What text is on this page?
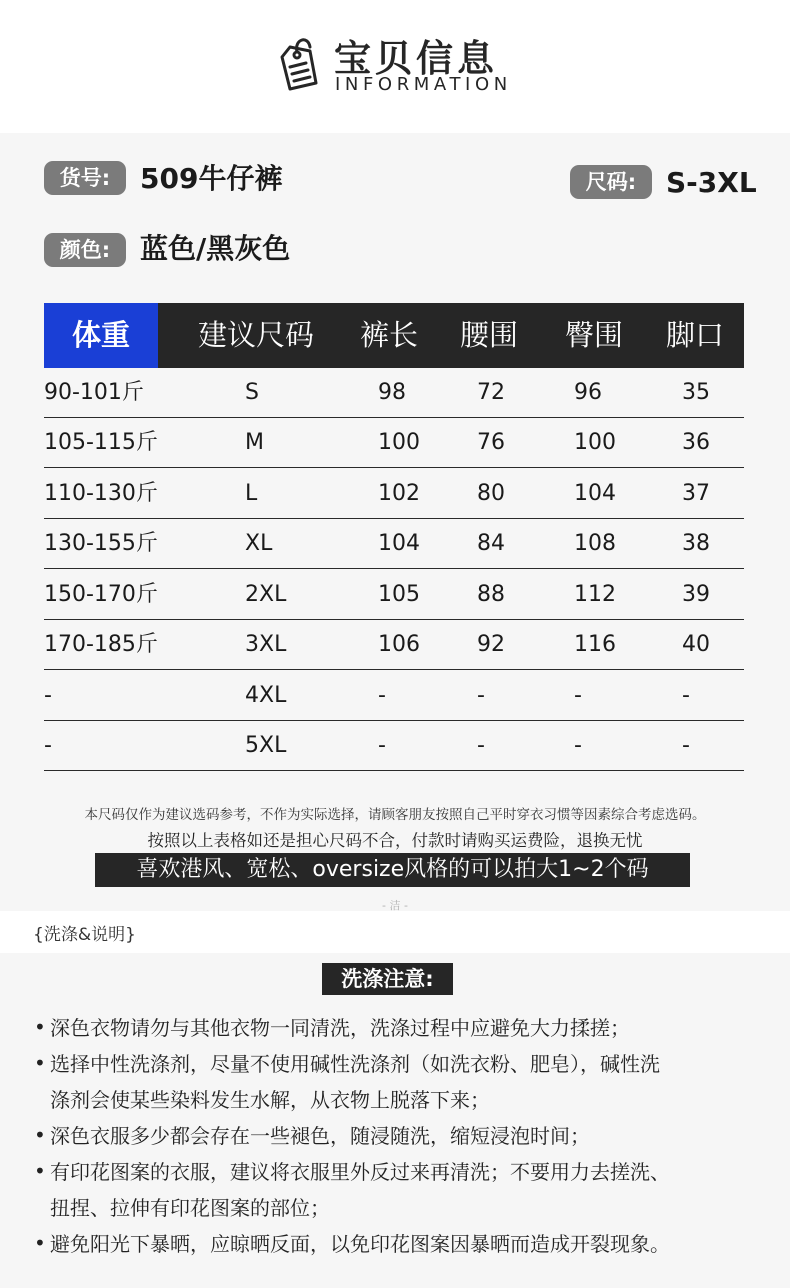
宝贝信息
INFORMATION
货号:	509牛仔裤	尺码:	S-3XL
颜色:	蓝色/黑灰色
体重	建议尺码 裤长 腰围 臀围 脚口
90-101斤	S	98	72	96	35
105-115斤	M	100	76	100	36
110-130斤	L	102	80	104	37
130-155斤	XL	104	84	108	38
150-170斤	2XL	105	88	112	39
170-185斤	3XL	106	92	116	40
-	4XL	-	-	-	-
-	5XL	-	-	-	-
本尺码仅作为建议选码参考，不作为实际选择，请顾客朋友按照自己平时穿衣习惯等因素综合考虑选码。
按照以上表格如还是担心尺码不合，付款时请购买运费险，退换无忧
喜欢港风、宽松、oversize风格的可以拍大1~2个码
- 洁 -
{洗涤&说明}
洗涤注意:
• 深色衣物请勿与其他衣物一同清洗，洗涤过程中应避免大力揉搓；
• 选择中性洗涤剂，尽量不使用碱性洗涤剂（如洗衣粉、肥皂），碱性洗
涤剂会使某些染料发生水解，从衣物上脱落下来；
• 深色衣服多少都会存在一些褪色，随浸随洗，缩短浸泡时间；
• 有印花图案的衣服，建议将衣服里外反过来再清洗；不要用力去搓洗、
扭捏、拉伸有印花图案的部位；
• 避免阳光下暴晒，应晾晒反面，以免印花图案因暴晒而造成开裂现象。
